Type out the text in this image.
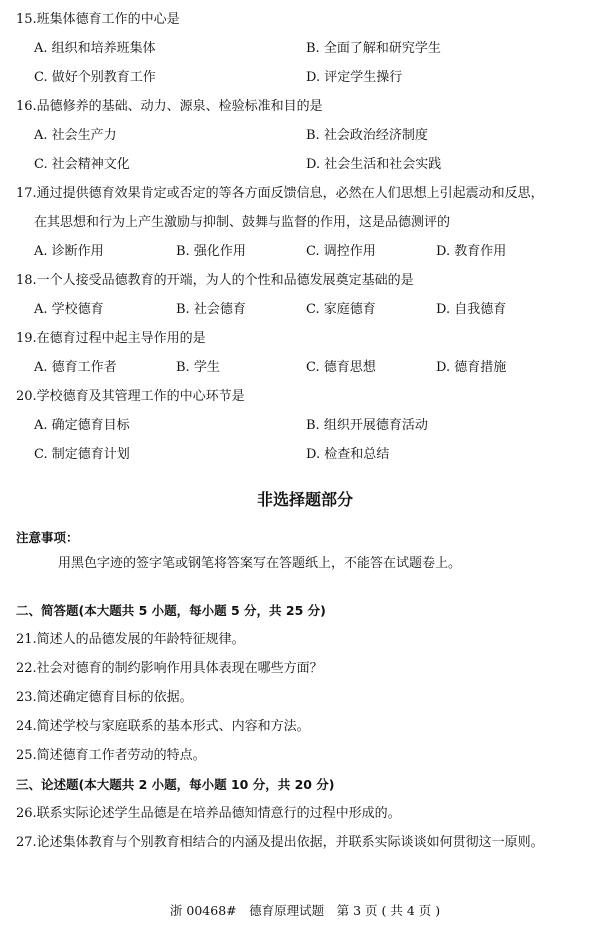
15.班集体德育工作的中心是
A. 组织和培养班集体	B. 全面了解和研究学生
C. 做好个别教育工作	D. 评定学生操行
16.品德修养的基础、动力、源泉、检验标准和目的是
A. 社会生产力	B. 社会政治经济制度
C. 社会精神文化	D. 社会生活和社会实践
17.通过提供德育效果肯定或否定的等各方面反馈信息，必然在人们思想上引起震动和反思，
在其思想和行为上产生激励与抑制、鼓舞与监督的作用，这是品德测评的
A. 诊断作用	B. 强化作用	C. 调控作用	D. 教育作用
18.一个人接受品德教育的开端，为人的个性和品德发展奠定基础的是
A. 学校德育	B. 社会德育	C. 家庭德育	D. 自我德育
19.在德育过程中起主导作用的是
A. 德育工作者	B. 学生	C. 德育思想	D. 德育措施
20.学校德育及其管理工作的中心环节是
A. 确定德育目标	B. 组织开展德育活动
C. 制定德育计划	D. 检查和总结
非选择题部分
注意事项：
用黑色字迹的签字笔或钢笔将答案写在答题纸上，不能答在试题卷上。
二、简答题(本大题共 5 小题，每小题 5 分，共 25 分)
21.简述人的品德发展的年龄特征规律。
22.社会对德育的制约影响作用具体表现在哪些方面？
23.简述确定德育目标的依据。
24.简述学校与家庭联系的基本形式、内容和方法。
25.简述德育工作者劳动的特点。
三、论述题(本大题共 2 小题，每小题 10 分，共 20 分)
26.联系实际论述学生品德是在培养品德知情意行的过程中形成的。
27.论述集体教育与个别教育相结合的内涵及提出依据，并联系实际谈谈如何贯彻这一原则。
浙 00468#　德育原理试题　第 3 页 ( 共 4 页 )
